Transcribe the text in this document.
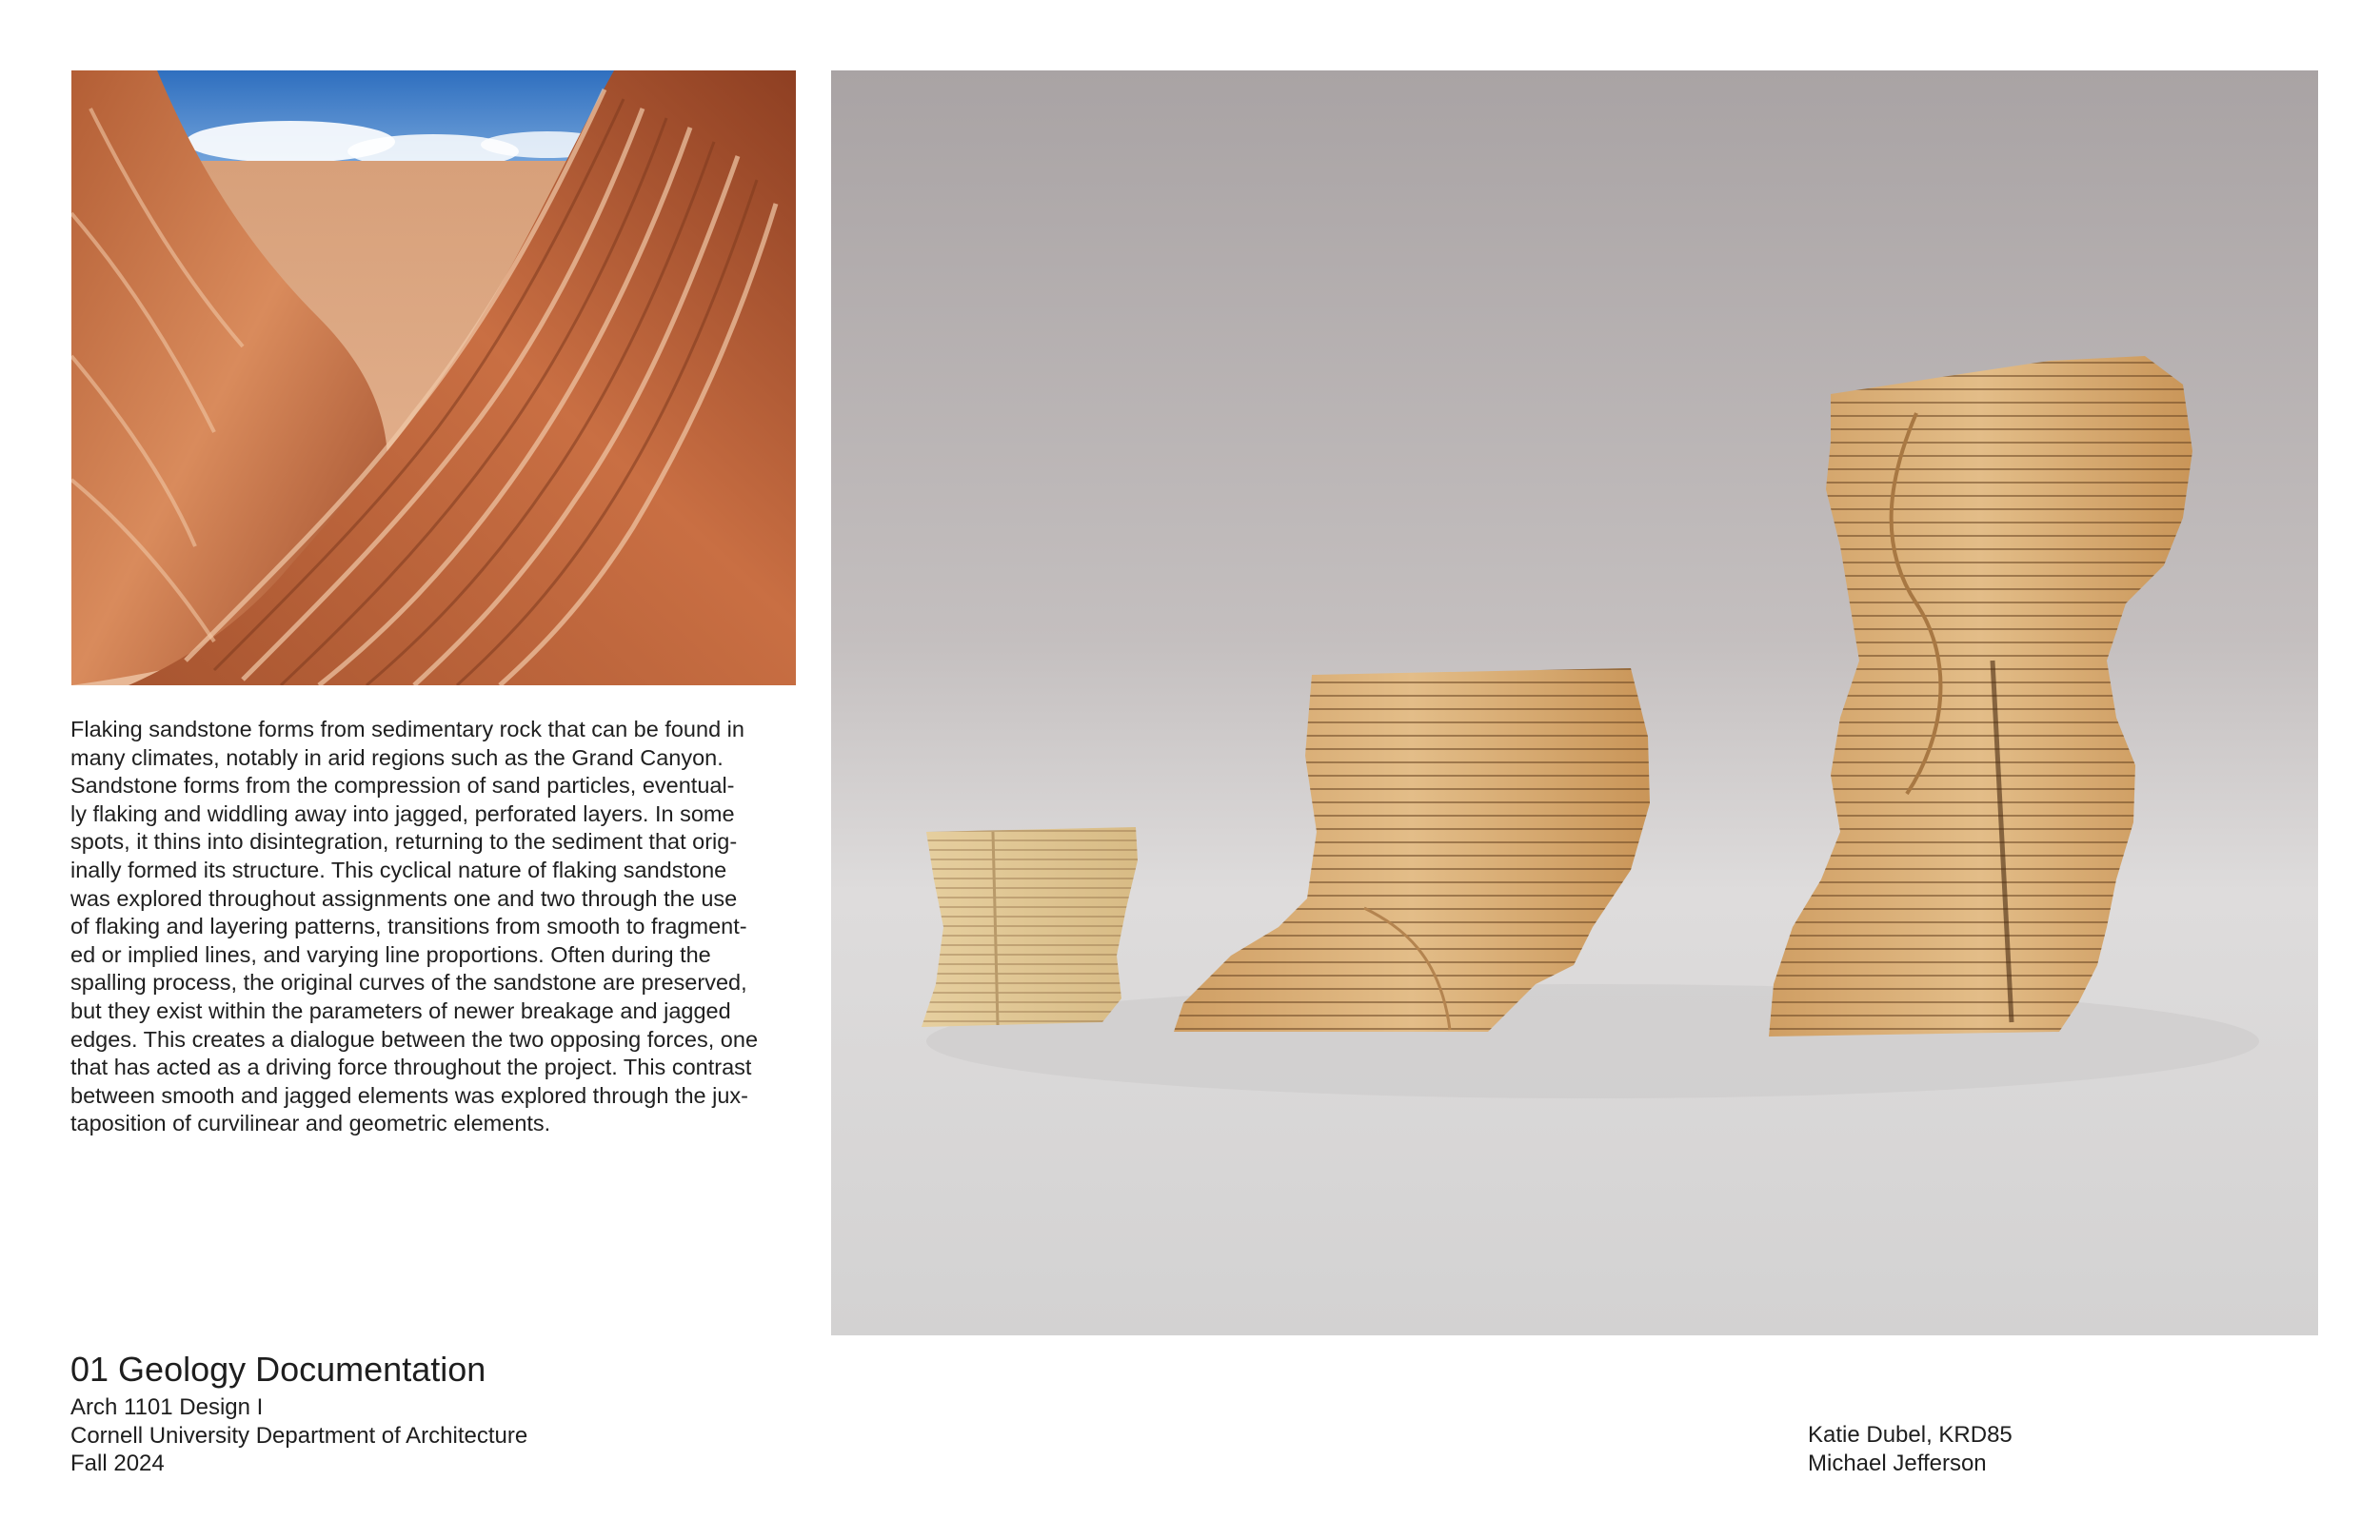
Flaking sandstone forms from sedimentary rock that can be found in
many climates, notably in arid regions such as the Grand Canyon.
Sandstone forms from the compression of sand particles, eventual-
ly flaking and widdling away into jagged, perforated layers. In some
spots, it thins into disintegration, returning to the sediment that orig-
inally formed its structure. This cyclical nature of flaking sandstone
was explored throughout assignments one and two through the use
of flaking and layering patterns, transitions from smooth to fragment-
ed or implied lines, and varying line proportions. Often during the
spalling process, the original curves of the sandstone are preserved,
but they exist within the parameters of newer breakage and jagged
edges. This creates a dialogue between the two opposing forces, one
that has acted as a driving force throughout the project. This contrast
between smooth and jagged elements was explored through the jux-
taposition of curvilinear and geometric elements.

01 Geology Documentation
Arch 1101 Design I
Cornell University Department of Architecture
Fall 2024
Katie Dubel, KRD85
Michael Jefferson
